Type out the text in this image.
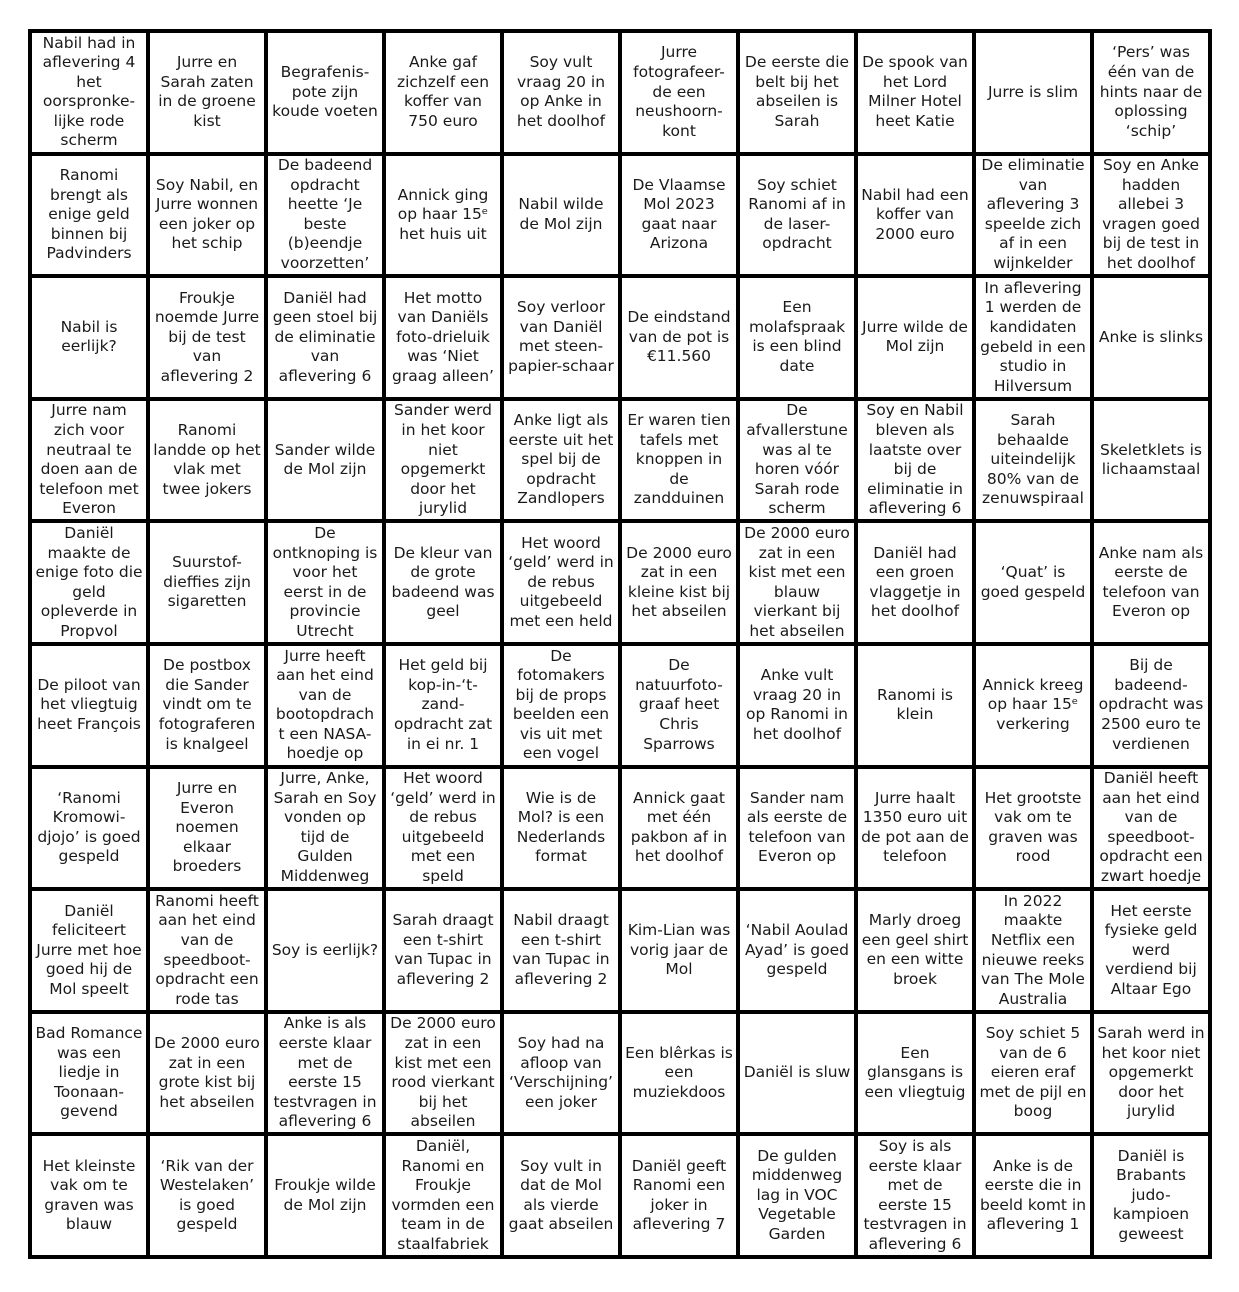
Nabil had in aflevering 4 het oorspronke-lijke rode scherm
Jurre en Sarah zaten in de groene kist
Begrafenis-pote zijn koude voeten
Anke gaf zichzelf een koffer van 750 euro
Soy vult vraag 20 in op Anke in het doolhof
Jurre fotografeer-de een neushoorn-kont
De eerste die belt bij het abseilen is Sarah
De spook van het Lord Milner Hotel heet Katie
Jurre is slim
‘Pers’ was één van de hints naar de oplossing ‘schip’
Ranomi brengt als enige geld binnen bij Padvinders
Soy Nabil, en Jurre wonnen een joker op het schip
De badeend opdracht heette ‘Je beste (b)eendje voorzetten’
Annick ging op haar 15ᵉ het huis uit
Nabil wilde de Mol zijn
De Vlaamse Mol 2023 gaat naar Arizona
Soy schiet Ranomi af in de laser-opdracht
Nabil had een koffer van 2000 euro
De eliminatie van aflevering 3 speelde zich af in een wijnkelder
Soy en Anke hadden allebei 3 vragen goed bij de test in het doolhof
Nabil is eerlijk?
Froukje noemde Jurre bij de test van aflevering 2
Daniël had geen stoel bij de eliminatie van aflevering 6
Het motto van Daniëls foto-drieluik was ‘Niet graag alleen’
Soy verloor van Daniël met steen-papier-schaar
De eindstand van de pot is €11.560
Een molafspraak is een blind date
Jurre wilde de Mol zijn
In aflevering 1 werden de kandidaten gebeld in een studio in Hilversum
Anke is slinks
Jurre nam zich voor neutraal te doen aan de telefoon met Everon
Ranomi landde op het vlak met twee jokers
Sander wilde de Mol zijn
Sander werd in het koor niet opgemerkt door het jurylid
Anke ligt als eerste uit het spel bij de opdracht Zandlopers
Er waren tien tafels met knoppen in de zandduinen
De afvallerstune was al te horen vóór Sarah rode scherm
Soy en Nabil bleven als laatste over bij de eliminatie in aflevering 6
Sarah behaalde uiteindelijk 80% van de zenuwspiraal
Skeletklets is lichaamstaal
Daniël maakte de enige foto die geld opleverde in Propvol
Suurstof-dieffies zijn sigaretten
De ontknoping is voor het eerst in de provincie Utrecht
De kleur van de grote badeend was geel
Het woord ‘geld’ werd in de rebus uitgebeeld met een held
De 2000 euro zat in een kleine kist bij het abseilen
De 2000 euro zat in een kist met een blauw vierkant bij het abseilen
Daniël had een groen vlaggetje in het doolhof
‘Quat’ is goed gespeld
Anke nam als eerste de telefoon van Everon op
De piloot van het vliegtuig heet François
De postbox die Sander vindt om te fotograferen is knalgeel
Jurre heeft aan het eind van de bootopdrach t een NASA-hoedje op
Het geld bij kop-in-‘t-zand-opdracht zat in ei nr. 1
De fotomakers bij de props beelden een vis uit met een vogel
De natuurfoto-graaf heet Chris Sparrows
Anke vult vraag 20 in op Ranomi in het doolhof
Ranomi is klein
Annick kreeg op haar 15ᵉ verkering
Bij de badeend-opdracht was 2500 euro te verdienen
‘Ranomi Kromowi-djojo’ is goed gespeld
Jurre en Everon noemen elkaar broeders
Jurre, Anke, Sarah en Soy vonden op tijd de Gulden Middenweg
Het woord ‘geld’ werd in de rebus uitgebeeld met een speld
Wie is de Mol? is een Nederlands format
Annick gaat met één pakbon af in het doolhof
Sander nam als eerste de telefoon van Everon op
Jurre haalt 1350 euro uit de pot aan de telefoon
Het grootste vak om te graven was rood
Daniël heeft aan het eind van de speedboot-opdracht een zwart hoedje
Daniël feliciteert Jurre met hoe goed hij de Mol speelt
Ranomi heeft aan het eind van de speedboot-opdracht een rode tas
Soy is eerlijk?
Sarah draagt een t-shirt van Tupac in aflevering 2
Nabil draagt een t-shirt van Tupac in aflevering 2
Kim-Lian was vorig jaar de Mol
‘Nabil Aoulad Ayad’ is goed gespeld
Marly droeg een geel shirt en een witte broek
In 2022 maakte Netflix een nieuwe reeks van The Mole Australia
Het eerste fysieke geld werd verdiend bij Altaar Ego
Bad Romance was een liedje in Toonaan-gevend
De 2000 euro zat in een grote kist bij het abseilen
Anke is als eerste klaar met de eerste 15 testvragen in aflevering 6
De 2000 euro zat in een kist met een rood vierkant bij het abseilen
Soy had na afloop van ‘Verschijning’ een joker
Een blêrkas is een muziekdoos
Daniël is sluw
Een glansgans is een vliegtuig
Soy schiet 5 van de 6 eieren eraf met de pijl en boog
Sarah werd in het koor niet opgemerkt door het jurylid
Het kleinste vak om te graven was blauw
‘Rik van der Westelaken’ is goed gespeld
Froukje wilde de Mol zijn
Daniël, Ranomi en Froukje vormden een team in de staalfabriek
Soy vult in dat de Mol als vierde gaat abseilen
Daniël geeft Ranomi een joker in aflevering 7
De gulden middenweg lag in VOC Vegetable Garden
Soy is als eerste klaar met de eerste 15 testvragen in aflevering 6
Anke is de eerste die in beeld komt in aflevering 1
Daniël is Brabants judo-kampioen geweest
